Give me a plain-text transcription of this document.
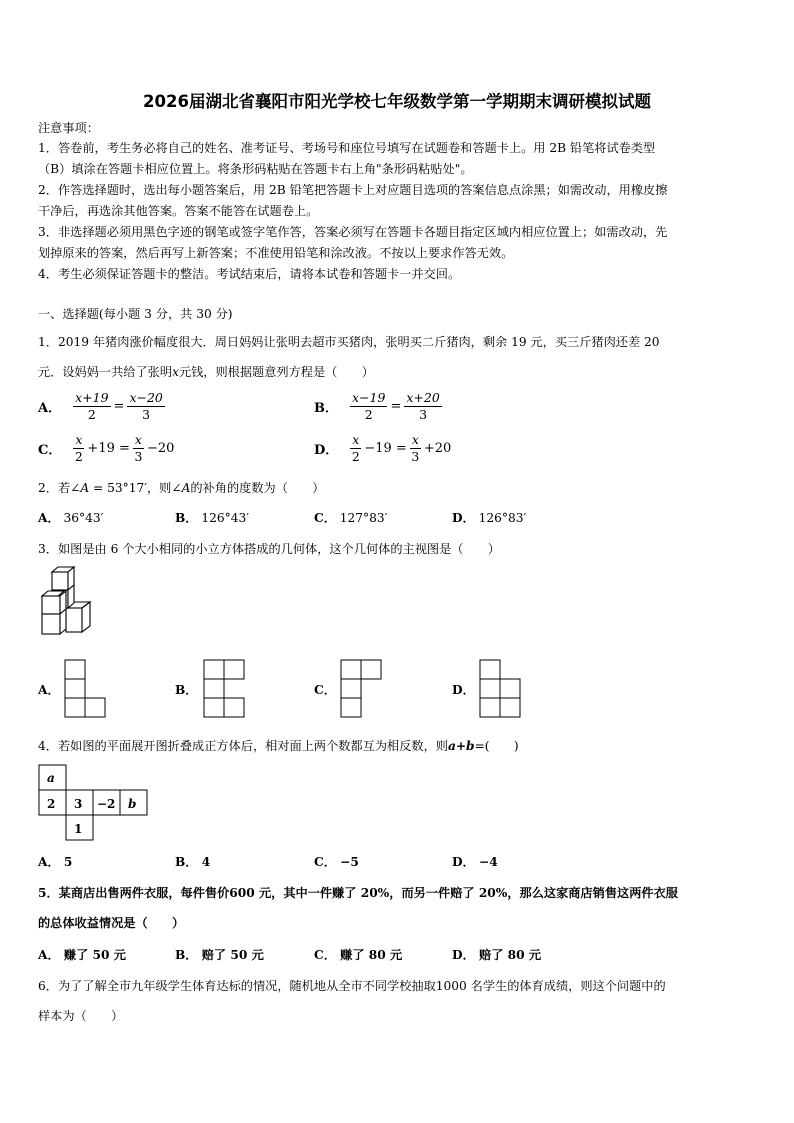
2026届湖北省襄阳市阳光学校七年级数学第一学期期末调研模拟试题
注意事项：
1．答卷前，考生务必将自己的姓名、准考证号、考场号和座位号填写在试题卷和答题卡上。用 2B 铅笔将试卷类型
（B）填涂在答题卡相应位置上。将条形码粘贴在答题卡右上角"条形码粘贴处"。
2．作答选择题时，选出每小题答案后，用 2B 铅笔把答题卡上对应题目选项的答案信息点涂黑；如需改动，用橡皮擦
干净后，再选涂其他答案。答案不能答在试题卷上。
3．非选择题必须用黑色字迹的钢笔或签字笔作答，答案必须写在答题卡各题目指定区域内相应位置上；如需改动，先
划掉原来的答案，然后再写上新答案；不准使用铅笔和涂改液。不按以上要求作答无效。
4．考生必须保证答题卡的整洁。考试结束后，请将本试卷和答题卡一并交回。
一、选择题(每小题 3 分，共 30 分)
1．2019 年猪肉涨价幅度很大．周日妈妈让张明去超市买猪肉，张明买二斤猪肉，剩余 19 元，买三斤猪肉还差 20
元．设妈妈一共给了张明x元钱，则根据题意列方程是（　　）
A． $\frac{x+19}{2} = \frac{x-20}{3}$	B． $\frac{x-19}{2} = \frac{x+20}{3}$
C． $\frac{x}{2} +19 = \frac{x}{3} -20$	D． $\frac{x}{2} -19 = \frac{x}{3} +20$
2．若∠A = 53°17′，则∠A的补角的度数为（　　）
A． 36°43′	B． 126°43′	C． 127°83′	D． 126°83′
3．如图是由 6 个大小相同的小立方体搭成的几何体，这个几何体的主视图是（　　）
A．	B．	C．	D．
4．若如图的平面展开图折叠成正方体后，相对面上两个数都互为相反数，则a+b=(　　)
a
2 3 −2 b
1
A． 5	B． 4	C． −5	D． −4
5．某商店出售两件衣服，每件售价600 元，其中一件赚了 20%，而另一件赔了 20%，那么这家商店销售这两件衣服
的总体收益情况是（　　）
A． 赚了 50 元	B． 赔了 50 元	C． 赚了 80 元	D． 赔了 80 元
6．为了了解全市九年级学生体育达标的情况，随机地从全市不同学校抽取1000 名学生的体育成绩，则这个问题中的
样本为（　　）
